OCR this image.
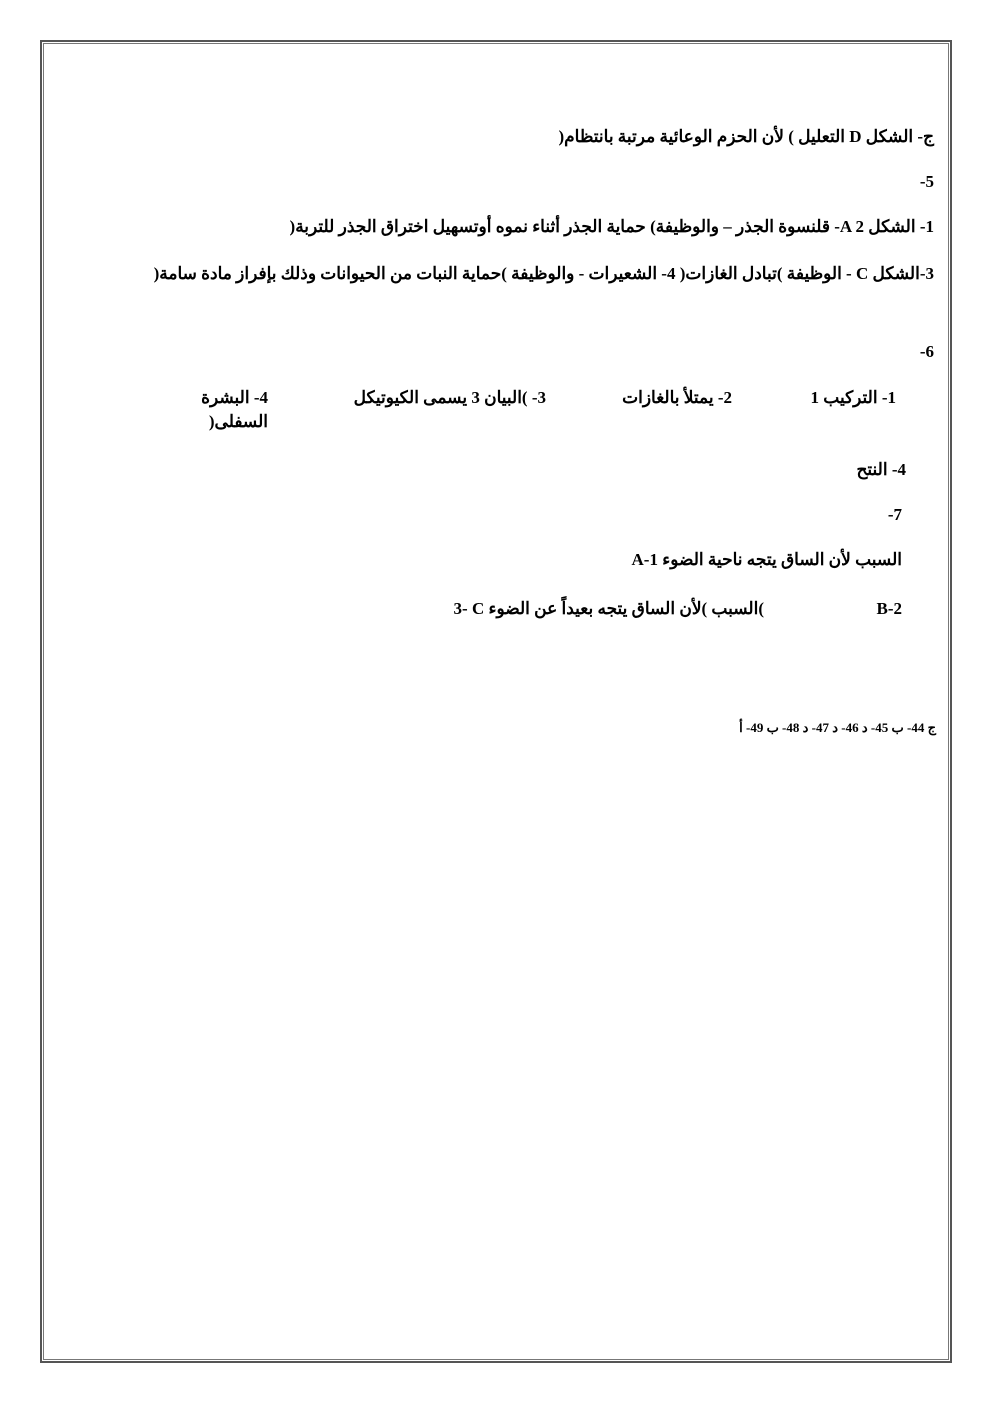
ج- الشكل D التعليل ) لأن الحزم الوعائية مرتبة بانتظام(
-5
1- الشكل A 2- قلنسوة الجذر – والوظيفة) حماية الجذر أثناء نموه أوتسهيل اختراق الجذر للتربة(
3-الشكل C - الوظيفة )تبادل الغازات( 4- الشعيرات - والوظيفة )حماية النبات من الحيوانات وذلك بإفراز مادة سامة(
-6
1- التركيب 1
2- يمتلأ بالغازات
3- )البيان 3 يسمى الكيوتيكل
4- البشرة السفلى(
4- النتح
-7
A-1 السبب لأن الساق يتجه ناحية الضوء
B-2
3- C السبب )لأن الساق يتجه بعيداً عن الضوء(
ج 44- ب 45- د 46- د 47- د 48- ب 49- أ
